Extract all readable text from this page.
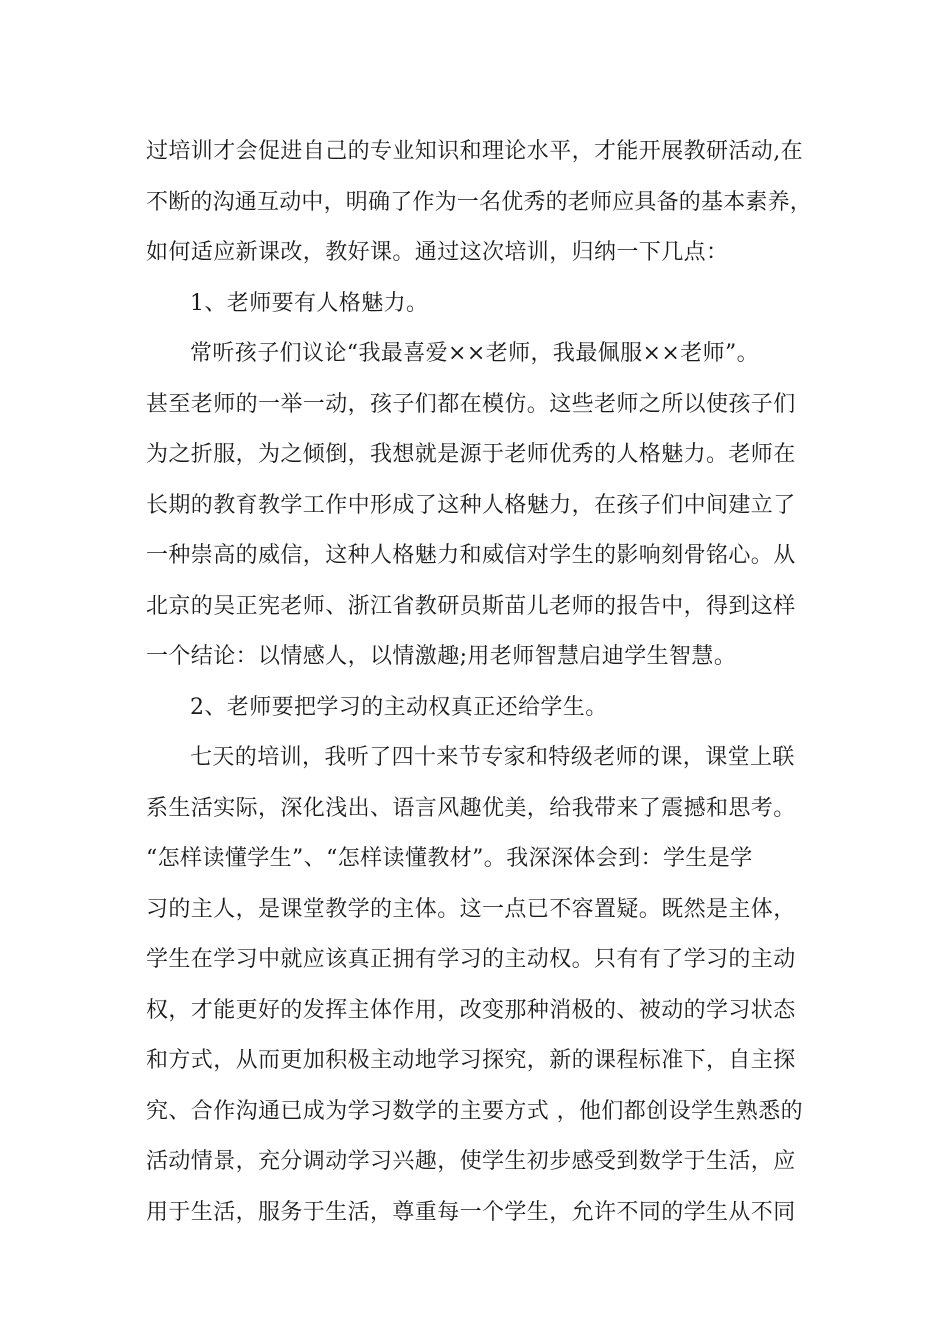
过培训才会促进自己的专业知识和理论水平，才能开展教研活动,在
不断的沟通互动中，明确了作为一名优秀的老师应具备的基本素养，
如何适应新课改，教好课。通过这次培训，归纳一下几点：
1、老师要有人格魅力。
常听孩子们议论“我最喜爱××老师，我最佩服××老师”。
甚至老师的一举一动，孩子们都在模仿。这些老师之所以使孩子们
为之折服，为之倾倒，我想就是源于老师优秀的人格魅力。老师在
长期的教育教学工作中形成了这种人格魅力，在孩子们中间建立了
一种崇高的威信，这种人格魅力和威信对学生的影响刻骨铭心。从
北京的吴正宪老师、浙江省教研员斯苗儿老师的报告中，得到这样
一个结论：以情感人，以情激趣;用老师智慧启迪学生智慧。
2、老师要把学习的主动权真正还给学生。
七天的培训，我听了四十来节专家和特级老师的课，课堂上联
系生活实际，深化浅出、语言风趣优美，给我带来了震撼和思考。
“怎样读懂学生”、“怎样读懂教材”。我深深体会到：学生是学
习的主人，是课堂教学的主体。这一点已不容置疑。既然是主体，
学生在学习中就应该真正拥有学习的主动权。只有有了学习的主动
权，才能更好的发挥主体作用，改变那种消极的、被动的学习状态
和方式，从而更加积极主动地学习探究，新的课程标准下，自主探
究、合作沟通已成为学习数学的主要方式 ，他们都创设学生熟悉的
活动情景，充分调动学习兴趣，使学生初步感受到数学于生活，应
用于生活，服务于生活，尊重每一个学生，允许不同的学生从不同
